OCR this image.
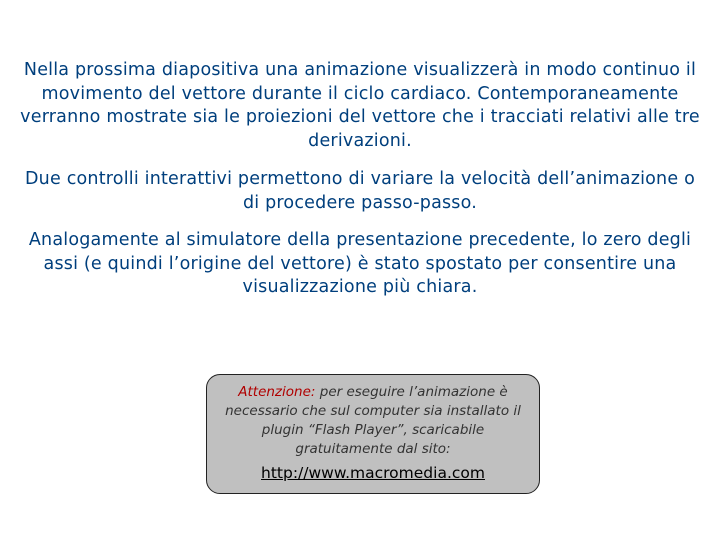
Nella prossima diapositiva una animazione visualizzerà in modo continuo il movimento del vettore durante il ciclo cardiaco. Contemporaneamente verranno mostrate sia le proiezioni del vettore che i tracciati relativi alle tre derivazioni.

Due controlli interattivi permettono di variare la velocità dell’animazione o di procedere passo-passo.

Analogamente al simulatore della presentazione precedente, lo zero degli assi (e quindi l’origine del vettore) è stato spostato per consentire una visualizzazione più chiara.

Attenzione: per eseguire l’animazione è necessario che sul computer sia installato il plugin “Flash Player”, scaricabile gratuitamente dal sito:

http://www.macromedia.com
